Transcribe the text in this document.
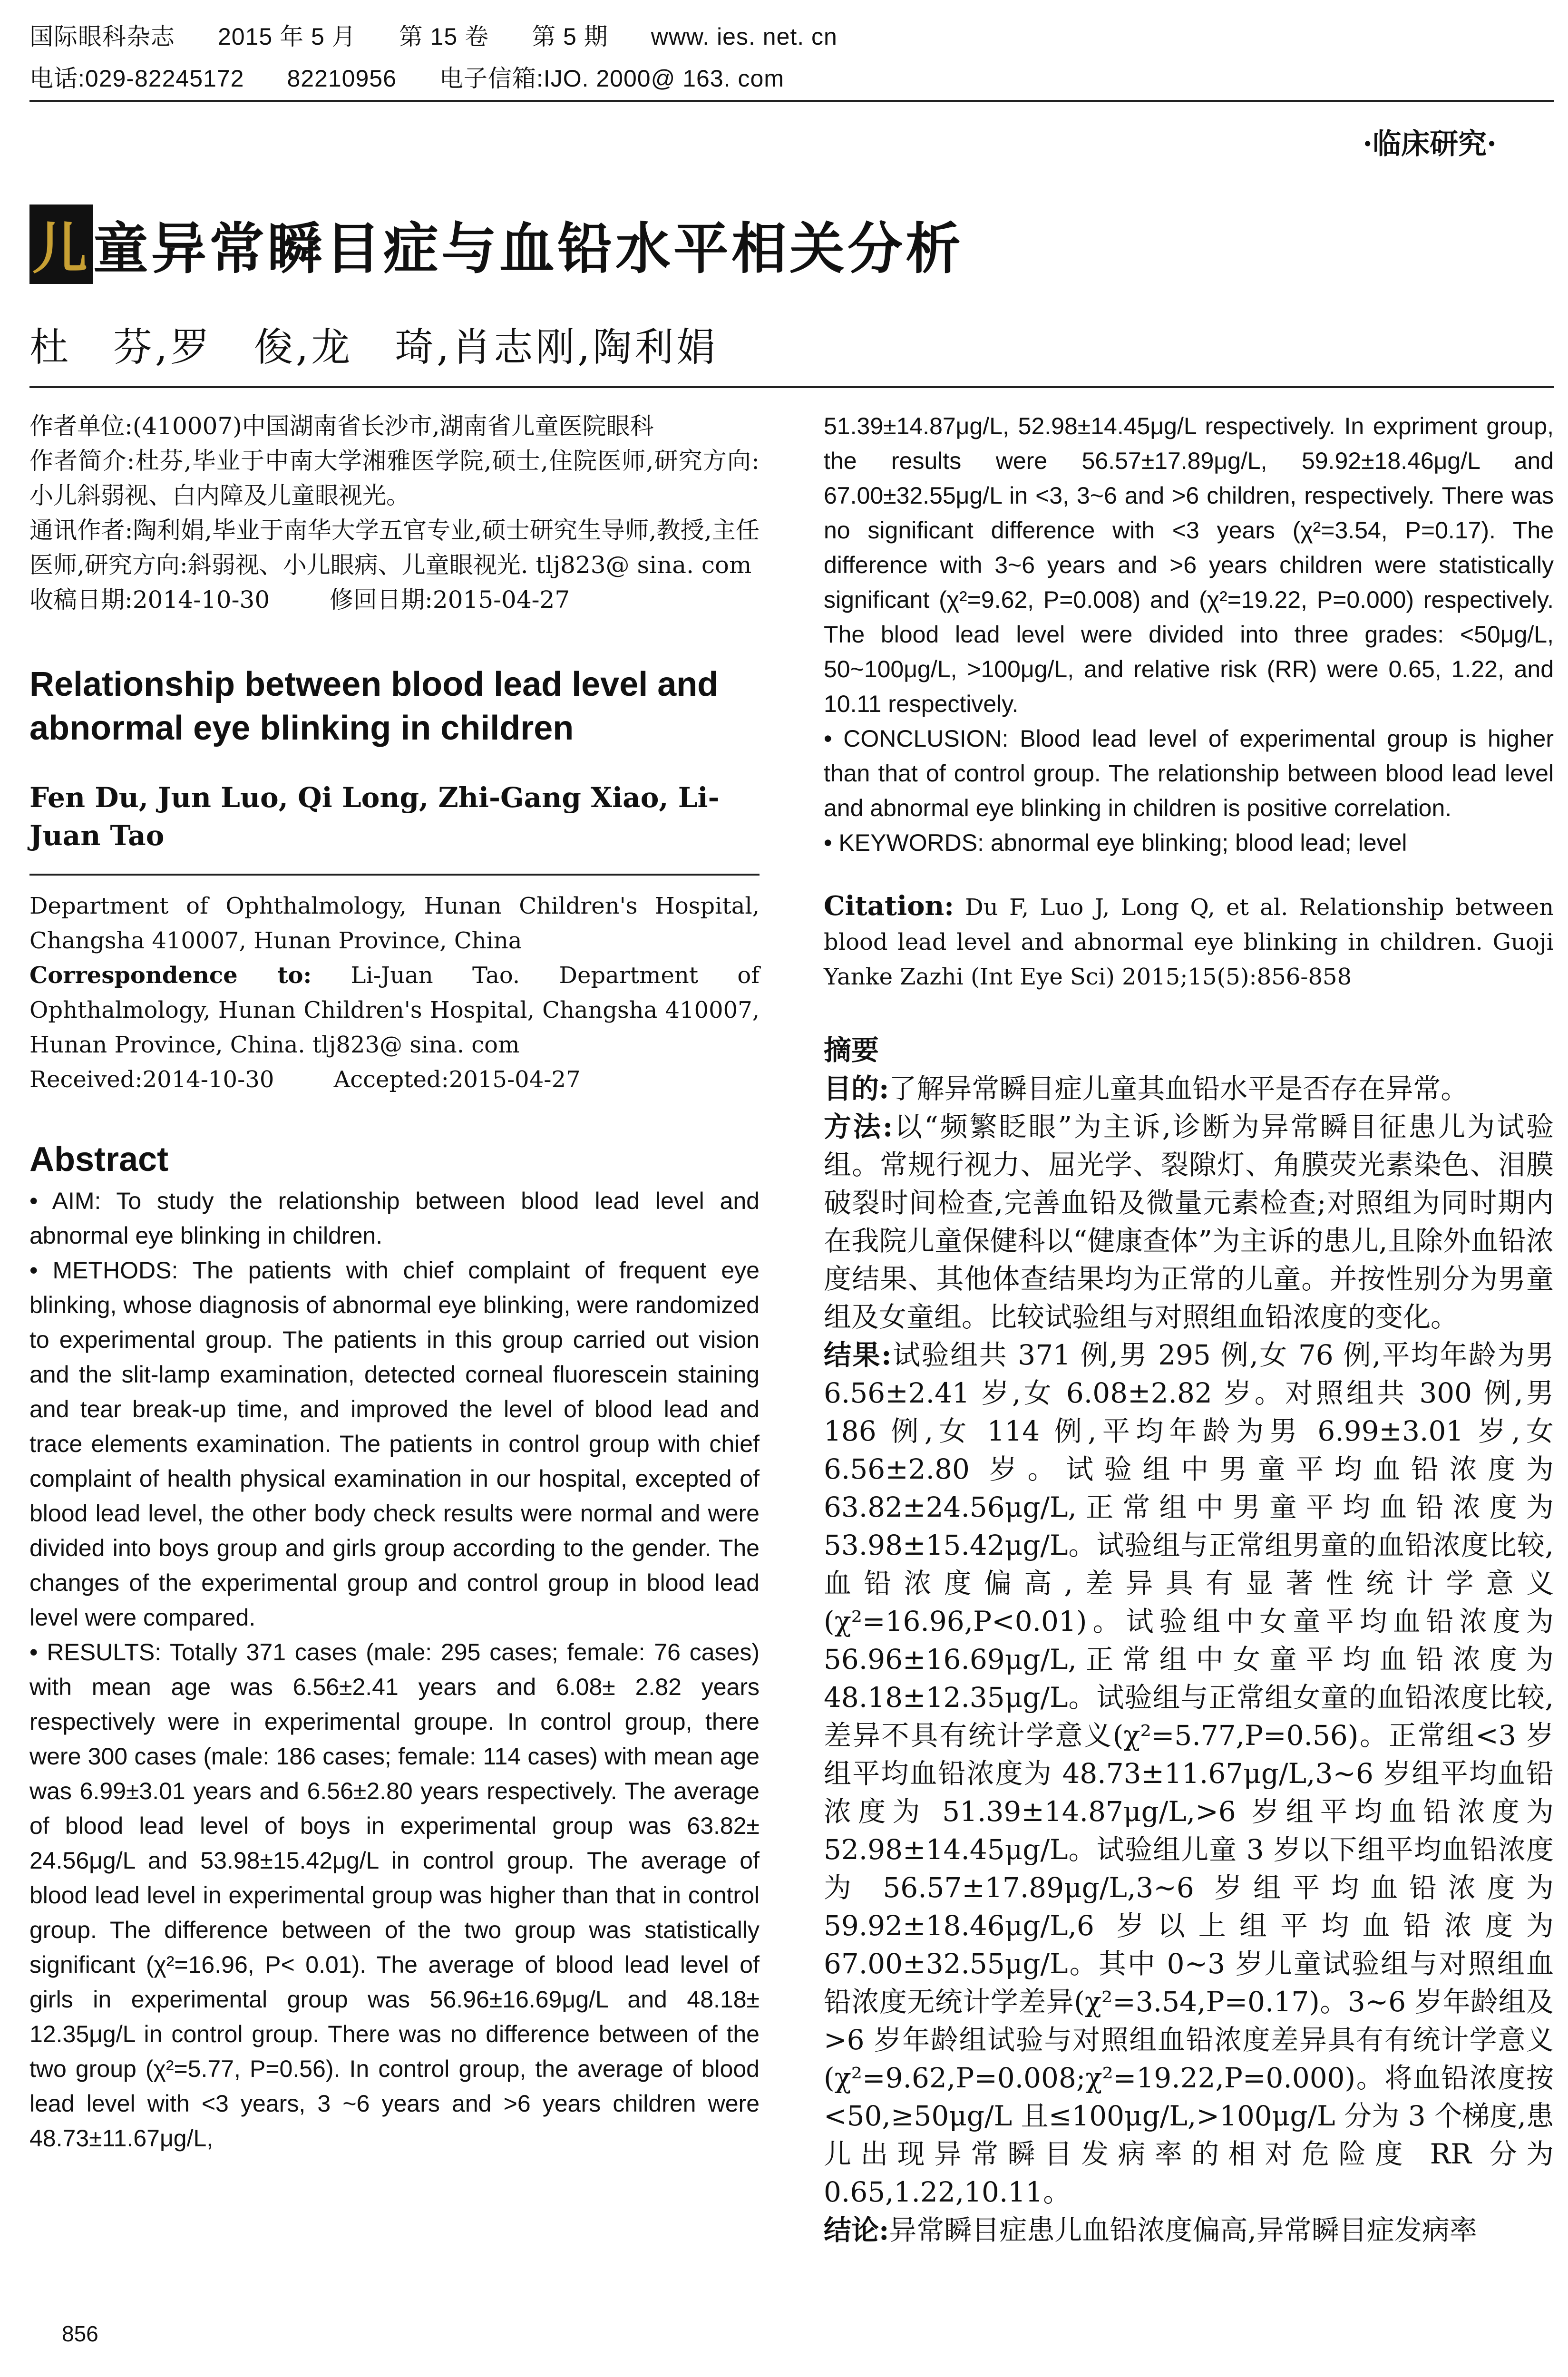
国际眼科杂志 2015 年 5 月 第 15 卷 第 5 期 www. ies. net. cn
电话:029-82245172 82210956 电子信箱:IJO. 2000@ 163. com
·临床研究·
儿童异常瞬目症与血铅水平相关分析
杜　芬,罗　俊,龙　琦,肖志刚,陶利娟
作者单位:(410007)中国湖南省长沙市,湖南省儿童医院眼科
作者简介:杜芬,毕业于中南大学湘雅医学院,硕士,住院医师,研究方向:小儿斜弱视、白内障及儿童眼视光。
通讯作者:陶利娟,毕业于南华大学五官专业,硕士研究生导师,教授,主任医师,研究方向:斜弱视、小儿眼病、儿童眼视光. tlj823@ sina. com
收稿日期:2014-10-30	修回日期:2015-04-27
Relationship between blood lead level and abnormal eye blinking in children
Fen Du, Jun Luo, Qi Long, Zhi-Gang Xiao, Li-Juan Tao
Department of Ophthalmology, Hunan Children's Hospital, Changsha 410007, Hunan Province, China
Correspondence to: Li-Juan Tao. Department of Ophthalmology, Hunan Children's Hospital, Changsha 410007, Hunan Province, China. tlj823@ sina. com
Received:2014-10-30	Accepted:2015-04-27
Abstract

• AIM: To study the relationship between blood lead level and abnormal eye blinking in children.

• METHODS: The patients with chief complaint of frequent eye blinking, whose diagnosis of abnormal eye blinking, were randomized to experimental group. The patients in this group carried out vision and the slit-lamp examination, detected corneal fluorescein staining and tear break-up time, and improved the level of blood lead and trace elements examination. The patients in control group with chief complaint of health physical examination in our hospital, excepted of blood lead level, the other body check results were normal and were divided into boys group and girls group according to the gender. The changes of the experimental group and control group in blood lead level were compared.

• RESULTS: Totally 371 cases (male: 295 cases; female: 76 cases) with mean age was 6.56±2.41 years and 6.08± 2.82 years respectively were in experimental groupe. In control group, there were 300 cases (male: 186 cases; female: 114 cases) with mean age was 6.99±3.01 years and 6.56±2.80 years respectively. The average of blood lead level of boys in experimental group was 63.82± 24.56μg/L and 53.98±15.42μg/L in control group. The average of blood lead level in experimental group was higher than that in control group. The difference between of the two group was statistically significant (χ²=16.96, P< 0.01). The average of blood lead level of girls in experimental group was 56.96±16.69μg/L and 48.18± 12.35μg/L in control group. There was no difference between of the two group (χ²=5.77, P=0.56). In control group, the average of blood lead level with <3 years, 3 ~6 years and >6 years children were 48.73±11.67μg/L,

51.39±14.87μg/L, 52.98±14.45μg/L respectively. In expriment group, the results were 56.57±17.89μg/L, 59.92±18.46μg/L and 67.00±32.55μg/L in <3, 3~6 and >6 children, respectively. There was no significant difference with <3 years (χ²=3.54, P=0.17). The difference with 3~6 years and >6 years children were statistically significant (χ²=9.62, P=0.008) and (χ²=19.22, P=0.000) respectively. The blood lead level were divided into three grades: <50μg/L, 50~100μg/L, >100μg/L, and relative risk (RR) were 0.65, 1.22, and 10.11 respectively.

• CONCLUSION: Blood lead level of experimental group is higher than that of control group. The relationship between blood lead level and abnormal eye blinking in children is positive correlation.

• KEYWORDS: abnormal eye blinking; blood lead; level

Citation: Du F, Luo J, Long Q, et al. Relationship between blood lead level and abnormal eye blinking in children. Guoji Yanke Zazhi (Int Eye Sci) 2015;15(5):856-858
摘要

目的:了解异常瞬目症儿童其血铅水平是否存在异常。

方法:以“频繁眨眼”为主诉,诊断为异常瞬目征患儿为试验组。常规行视力、屈光学、裂隙灯、角膜荧光素染色、泪膜破裂时间检查,完善血铅及微量元素检查;对照组为同时期内在我院儿童保健科以“健康查体”为主诉的患儿,且除外血铅浓度结果、其他体查结果均为正常的儿童。并按性别分为男童组及女童组。比较试验组与对照组血铅浓度的变化。

结果:试验组共 371 例,男 295 例,女 76 例,平均年龄为男 6.56±2.41 岁,女 6.08±2.82 岁。对照组共 300 例,男 186 例,女 114 例,平均年龄为男 6.99±3.01 岁,女 6.56±2.80 岁。试验组中男童平均血铅浓度为 63.82±24.56μg/L,正常组中男童平均血铅浓度为 53.98±15.42μg/L。试验组与正常组男童的血铅浓度比较,血铅浓度偏高,差异具有显著性统计学意义(χ²=16.96,P<0.01)。试验组中女童平均血铅浓度为 56.96±16.69μg/L,正常组中女童平均血铅浓度为 48.18±12.35μg/L。试验组与正常组女童的血铅浓度比较,差异不具有统计学意义(χ²=5.77,P=0.56)。正常组<3 岁组平均血铅浓度为 48.73±11.67μg/L,3~6 岁组平均血铅浓度为 51.39±14.87μg/L,>6 岁组平均血铅浓度为 52.98±14.45μg/L。试验组儿童 3 岁以下组平均血铅浓度为 56.57±17.89μg/L,3~6 岁组平均血铅浓度为 59.92±18.46μg/L,6 岁以上组平均血铅浓度为 67.00±32.55μg/L。其中 0~3 岁儿童试验组与对照组血铅浓度无统计学差异(χ²=3.54,P=0.17)。3~6 岁年龄组及>6 岁年龄组试验与对照组血铅浓度差异具有有统计学意义(χ²=9.62,P=0.008;χ²=19.22,P=0.000)。将血铅浓度按<50,≥50μg/L 且≤100μg/L,>100μg/L 分为 3 个梯度,患儿出现异常瞬目发病率的相对危险度 RR 分为 0.65,1.22,10.11。

结论:异常瞬目症患儿血铅浓度偏高,异常瞬目症发病率

856
